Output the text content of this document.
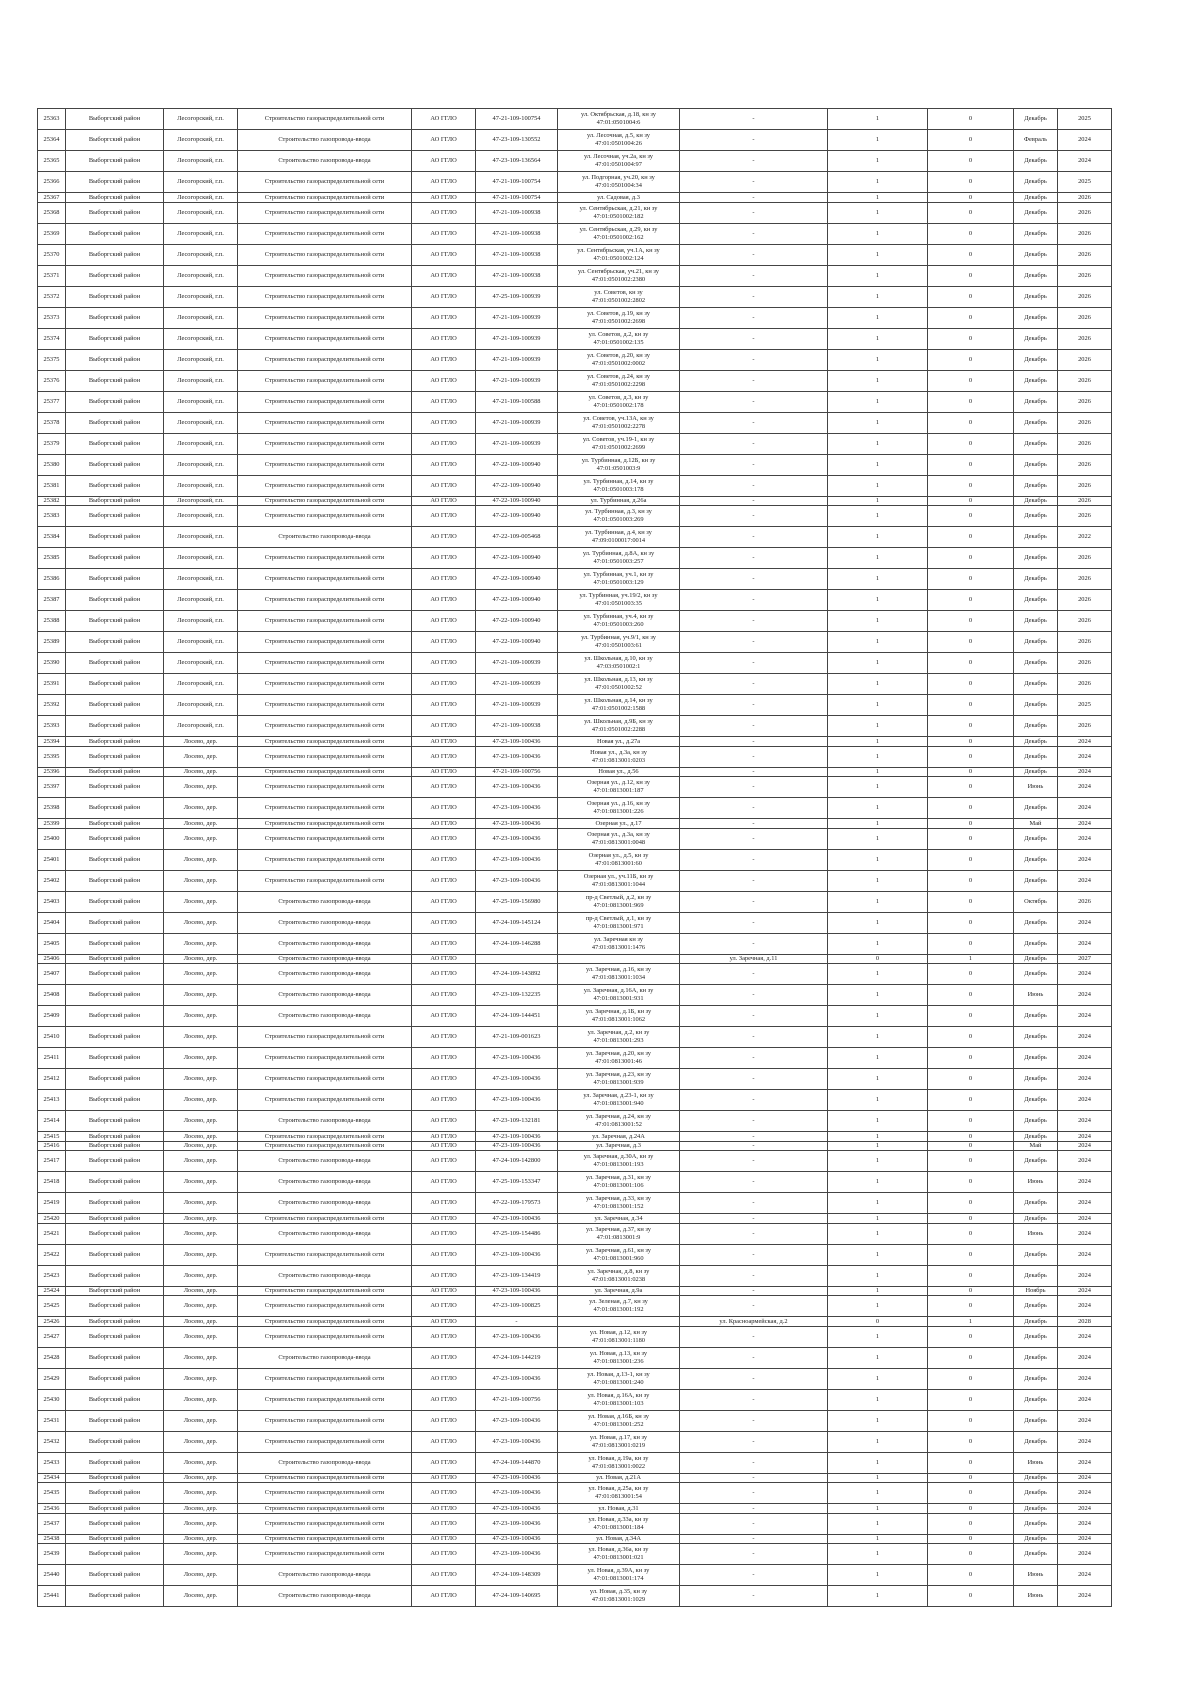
25363	Выборгский район	Лесогорский, г.п.	Строительство газораспределительной сети	АО ГГЛО	47-21-109-100754	ул. Октябрьская, д.18, кн зу
47:01:0501004:6	-	1	0	Декабрь	2025
25364	Выборгский район	Лесогорский, г.п.	Строительство газопровода-ввода	АО ГГЛО	47-23-109-130552	ул. Лесочная, д.5, кн зу
47:01:0501004:26	-	1	0	Февраль	2024
25365	Выборгский район	Лесогорский, г.п.	Строительство газопровода-ввода	АО ГГЛО	47-23-109-136564	ул. Лесочная, уч.2а, кн зу
47:01:0501004:97	-	1	0	Декабрь	2024
25366	Выборгский район	Лесогорский, г.п.	Строительство газораспределительной сети	АО ГГЛО	47-21-109-100754	ул. Подгорная, уч.20, кн зу
47:01:0501004:34	-	1	0	Декабрь	2025
25367	Выборгский район	Лесогорский, г.п.	Строительство газораспределительной сети	АО ГГЛО	47-21-109-100754	ул. Садовая, д.3	-	1	0	Декабрь	2026
25368	Выборгский район	Лесогорский, г.п.	Строительство газораспределительной сети	АО ГГЛО	47-21-109-100938	ул. Сентябрьская, д.21, кн зу
47:01:0501002:182	-	1	0	Декабрь	2026
25369	Выборгский район	Лесогорский, г.п.	Строительство газораспределительной сети	АО ГГЛО	47-21-109-100938	ул. Сентябрьская, д.29, кн зу
47:01:0501002:162	-	1	0	Декабрь	2026
25370	Выборгский район	Лесогорский, г.п.	Строительство газораспределительной сети	АО ГГЛО	47-21-109-100938	ул. Сентябрьская, уч.1А, кн зу
47:01:0501002:124	-	1	0	Декабрь	2026
25371	Выборгский район	Лесогорский, г.п.	Строительство газораспределительной сети	АО ГГЛО	47-21-109-100938	ул. Сентябрьская, уч.21, кн зу
47:01:0501002:2380	-	1	0	Декабрь	2026
25372	Выборгский район	Лесогорский, г.п.	Строительство газораспределительной сети	АО ГГЛО	47-25-109-100939	ул. Советов, кн зу
47:01:0501002:2802	-	1	0	Декабрь	2026
25373	Выборгский район	Лесогорский, г.п.	Строительство газораспределительной сети	АО ГГЛО	47-21-109-100939	ул. Советов, д.19, кн зу
47:01:0501002:2698	-	1	0	Декабрь	2026
25374	Выборгский район	Лесогорский, г.п.	Строительство газораспределительной сети	АО ГГЛО	47-21-109-100939	ул. Советов, д.2, кн зу
47:01:0501002:135	-	1	0	Декабрь	2026
25375	Выборгский район	Лесогорский, г.п.	Строительство газораспределительной сети	АО ГГЛО	47-21-109-100939	ул. Советов, д.20, кн зу
47:01:0501002:0002	-	1	0	Декабрь	2026
25376	Выборгский район	Лесогорский, г.п.	Строительство газораспределительной сети	АО ГГЛО	47-21-109-100939	ул. Советов, д.24, кн зу
47:01:0501002:2298	-	1	0	Декабрь	2026
25377	Выборгский район	Лесогорский, г.п.	Строительство газораспределительной сети	АО ГГЛО	47-21-109-100588	ул. Советов, д.3, кн зу
47:01:0501002:178	-	1	0	Декабрь	2026
25378	Выборгский район	Лесогорский, г.п.	Строительство газораспределительной сети	АО ГГЛО	47-21-109-100939	ул. Советов, уч.13А, кн зу
47:01:0501002:2278	-	1	0	Декабрь	2026
25379	Выборгский район	Лесогорский, г.п.	Строительство газораспределительной сети	АО ГГЛО	47-21-109-100939	ул. Советов, уч.19-1, кн зу
47:01:0501002:2699	-	1	0	Декабрь	2026
25380	Выборгский район	Лесогорский, г.п.	Строительство газораспределительной сети	АО ГГЛО	47-22-109-100940	ул. Турбинная, д.12Б, кн зу
47:01:0501003:9	-	1	0	Декабрь	2026
25381	Выборгский район	Лесогорский, г.п.	Строительство газораспределительной сети	АО ГГЛО	47-22-109-100940	ул. Турбинная, д.14, кн зу
47:01:0501003:178	-	1	0	Декабрь	2026
25382	Выборгский район	Лесогорский, г.п.	Строительство газораспределительной сети	АО ГГЛО	47-22-109-100940	ул. Турбинная, д.26а	-	1	0	Декабрь	2026
25383	Выборгский район	Лесогорский, г.п.	Строительство газораспределительной сети	АО ГГЛО	47-22-109-100940	ул. Турбинная, д.3, кн зу
47:01:0501003:269	-	1	0	Декабрь	2026
25384	Выборгский район	Лесогорский, г.п.	Строительство газопровода-ввода	АО ГГЛО	47-22-109-005468	ул. Турбинная, д.4, кн зу
47:09:0100017:0014	-	1	0	Декабрь	2022
25385	Выборгский район	Лесогорский, г.п.	Строительство газораспределительной сети	АО ГГЛО	47-22-109-100940	ул. Турбинная, д.8А, кн зу
47:01:0501003:257	-	1	0	Декабрь	2026
25386	Выборгский район	Лесогорский, г.п.	Строительство газораспределительной сети	АО ГГЛО	47-22-109-100940	ул. Турбинная, уч.1, кн зу
47:01:0501003:129	-	1	0	Декабрь	2026
25387	Выборгский район	Лесогорский, г.п.	Строительство газораспределительной сети	АО ГГЛО	47-22-109-100940	ул. Турбинная, уч.19/2, кн зу
47:01:0501003:35	-	1	0	Декабрь	2026
25388	Выборгский район	Лесогорский, г.п.	Строительство газораспределительной сети	АО ГГЛО	47-22-109-100940	ул. Турбинная, уч.4, кн зу
47:01:0501003:260	-	1	0	Декабрь	2026
25389	Выборгский район	Лесогорский, г.п.	Строительство газораспределительной сети	АО ГГЛО	47-22-109-100940	ул. Турбинная, уч.9/1, кн зу
47:01:0501003:61	-	1	0	Декабрь	2026
25390	Выборгский район	Лесогорский, г.п.	Строительство газораспределительной сети	АО ГГЛО	47-21-109-100939	ул. Школьная, д.10, кн зу
47:03:0501002:1	-	1	0	Декабрь	2026
25391	Выборгский район	Лесогорский, г.п.	Строительство газораспределительной сети	АО ГГЛО	47-21-109-100939	ул. Школьная, д.13, кн зу
47:01:0501002:52	-	1	0	Декабрь	2026
25392	Выборгский район	Лесогорский, г.п.	Строительство газораспределительной сети	АО ГГЛО	47-21-109-100939	ул. Школьная, д.14, кн зу
47:01:0501002:1588	-	1	0	Декабрь	2025
25393	Выборгский район	Лесогорский, г.п.	Строительство газораспределительной сети	АО ГГЛО	47-21-109-100938	ул. Школьная, д.9Б, кн зу
47:01:0501002:2288	-	1	0	Декабрь	2026
25394	Выборгский район	Лосево, дер.	Строительство газораспределительной сети	АО ГГЛО	47-23-109-100436	Новая ул., д.27а	-	1	0	Декабрь	2024
25395	Выборгский район	Лосево, дер.	Строительство газораспределительной сети	АО ГГЛО	47-23-109-100436	Новая ул., д.3а, кн зу
47:01:0813001:0203	-	1	0	Декабрь	2024
25396	Выборгский район	Лосево, дер.	Строительство газораспределительной сети	АО ГГЛО	47-21-109-100756	Новая ул., д.56	-	1	0	Декабрь	2024
25397	Выборгский район	Лосево, дер.	Строительство газораспределительной сети	АО ГГЛО	47-23-109-100436	Озерная ул., д.12, кн зу
47:01:0813001:187	-	1	0	Июнь	2024
25398	Выборгский район	Лосево, дер.	Строительство газораспределительной сети	АО ГГЛО	47-23-109-100436	Озерная ул., д.16, кн зу
47:01:0813001:226	-	1	0	Декабрь	2024
25399	Выборгский район	Лосево, дер.	Строительство газораспределительной сети	АО ГГЛО	47-23-109-100436	Озерная ул., д.17	-	1	0	Май	2024
25400	Выборгский район	Лосево, дер.	Строительство газораспределительной сети	АО ГГЛО	47-23-109-100436	Озерная ул., д.3а, кн зу
47:01:0813001:0048	-	1	0	Декабрь	2024
25401	Выборгский район	Лосево, дер.	Строительство газораспределительной сети	АО ГГЛО	47-23-109-100436	Озерная ул., д.5, кн зу
47:01:0813001:60	-	1	0	Декабрь	2024
25402	Выборгский район	Лосево, дер.	Строительство газораспределительной сети	АО ГГЛО	47-23-109-100436	Озерная ул., уч.11Б, кн зу
47:01:0813001:1044	-	1	0	Декабрь	2024
25403	Выборгский район	Лосево, дер.	Строительство газопровода-ввода	АО ГГЛО	47-25-109-156980	пр-д Светлый, д.2, кн зу
47:01:0813001:969	-	1	0	Октябрь	2026
25404	Выборгский район	Лосево, дер.	Строительство газопровода-ввода	АО ГГЛО	47-24-109-145124	пр-д Светлый, д.1, кн зу
47:01:0813001:971	-	1	0	Декабрь	2024
25405	Выборгский район	Лосево, дер.	Строительство газопровода-ввода	АО ГГЛО	47-24-109-146288	ул. Заречная кн зу
47:01:0813001:1476	-	1	0	Декабрь	2024
25406	Выборгский район	Лосево, дер.	Строительство газопровода-ввода	АО ГГЛО			ул. Заречная, д.11	0	1	Декабрь	2027
25407	Выборгский район	Лосево, дер.	Строительство газопровода-ввода	АО ГГЛО	47-24-109-143892	ул. Заречная, д.16, кн зу
47:01:0813001:1034	-	1	0	Декабрь	2024
25408	Выборгский район	Лосево, дер.	Строительство газопровода-ввода	АО ГГЛО	47-23-109-132235	ул. Заречная, д.16А, кн зу
47:01:0813001:931	-	1	0	Июнь	2024
25409	Выборгский район	Лосево, дер.	Строительство газопровода-ввода	АО ГГЛО	47-24-109-144451	ул. Заречная, д.1Б, кн зу
47:01:0813001:1062	-	1	0	Декабрь	2024
25410	Выборгский район	Лосево, дер.	Строительство газораспределительной сети	АО ГГЛО	47-21-109-001623	ул. Заречная, д.2, кн зу
47:01:0813001:293	-	1	0	Декабрь	2024
25411	Выборгский район	Лосево, дер.	Строительство газораспределительной сети	АО ГГЛО	47-23-109-100436	ул. Заречная, д.20, кн зу
47:01:0813001:46	-	1	0	Декабрь	2024
25412	Выборгский район	Лосево, дер.	Строительство газораспределительной сети	АО ГГЛО	47-23-109-100436	ул. Заречная, д.23, кн зу
47:01:0813001:939	-	1	0	Декабрь	2024
25413	Выборгский район	Лосево, дер.	Строительство газораспределительной сети	АО ГГЛО	47-23-109-100436	ул. Заречная, д.23-1, кн зу
47:01:0813001:940	-	1	0	Декабрь	2024
25414	Выборгский район	Лосево, дер.	Строительство газопровода-ввода	АО ГГЛО	47-23-109-132181	ул. Заречная, д.24, кн зу
47:01:0813001:52	-	1	0	Декабрь	2024
25415	Выборгский район	Лосево, дер.	Строительство газораспределительной сети	АО ГГЛО	47-23-109-100436	ул. Заречная, д.24А	-	1	0	Декабрь	2024
25416	Выборгский район	Лосево, дер.	Строительство газораспределительной сети	АО ГГЛО	47-23-109-100436	ул. Заречная, д.3	-	1	0	Май	2024
25417	Выборгский район	Лосево, дер.	Строительство газопровода-ввода	АО ГГЛО	47-24-109-142800	ул. Заречная, д.30А, кн зу
47:01:0813001:193	-	1	0	Декабрь	2024
25418	Выборгский район	Лосево, дер.	Строительство газопровода-ввода	АО ГГЛО	47-25-109-153347	ул. Заречная, д.31, кн зу
47:01:0813001:106	-	1	0	Июнь	2024
25419	Выборгский район	Лосево, дер.	Строительство газопровода-ввода	АО ГГЛО	47-22-109-179573	ул. Заречная, д.33, кн зу
47:01:0813001:152	-	1	0	Декабрь	2024
25420	Выборгский район	Лосево, дер.	Строительство газораспределительной сети	АО ГГЛО	47-23-109-100436	ул. Заречная, д.34	-	1	0	Декабрь	2024
25421	Выборгский район	Лосево, дер.	Строительство газопровода-ввода	АО ГГЛО	47-25-109-154486	ул. Заречная, д.37, кн зу
47:01:0813001:9	-	1	0	Июнь	2024
25422	Выборгский район	Лосево, дер.	Строительство газораспределительной сети	АО ГГЛО	47-23-109-100436	ул. Заречная, д.61, кн зу
47:01:0813001:960	-	1	0	Декабрь	2024
25423	Выборгский район	Лосево, дер.	Строительство газопровода-ввода	АО ГГЛО	47-23-109-134419	ул. Заречная, д.8, кн зу
47:01:0813001:0238	-	1	0	Декабрь	2024
25424	Выборгский район	Лосево, дер.	Строительство газораспределительной сети	АО ГГЛО	47-23-109-100436	ул. Заречная, д.9а	-	1	0	Ноябрь	2024
25425	Выборгский район	Лосево, дер.	Строительство газораспределительной сети	АО ГГЛО	47-23-109-100825	ул. Зеленая, д.7, кн зу
47:01:0813001:192	-	1	0	Декабрь	2024
25426	Выборгский район	Лосево, дер.	Строительство газораспределительной сети	АО ГГЛО	-		ул. Красноармейская, д.2	0	1	Декабрь	2028
25427	Выборгский район	Лосево, дер.	Строительство газораспределительной сети	АО ГГЛО	47-23-109-100436	ул. Новая, д.12, кн зу
47:01:0813001:1180	-	1	0	Декабрь	2024
25428	Выборгский район	Лосево, дер.	Строительство газопровода-ввода	АО ГГЛО	47-24-109-144219	ул. Новая, д.13, кн зу
47:01:0813001:236	-	1	0	Декабрь	2024
25429	Выборгский район	Лосево, дер.	Строительство газораспределительной сети	АО ГГЛО	47-23-109-100436	ул. Новая, д.13-1, кн зу
47:01:0813001:240	-	1	0	Декабрь	2024
25430	Выборгский район	Лосево, дер.	Строительство газораспределительной сети	АО ГГЛО	47-21-109-100756	ул. Новая, д.16А, кн зу
47:01:0813001:103	-	1	0	Декабрь	2024
25431	Выборгский район	Лосево, дер.	Строительство газораспределительной сети	АО ГГЛО	47-23-109-100436	ул. Новая, д.16Б, кн зу
47:01:0813001:252	-	1	0	Декабрь	2024
25432	Выборгский район	Лосево, дер.	Строительство газораспределительной сети	АО ГГЛО	47-23-109-100436	ул. Новая, д.17, кн зу
47:01:0813001:0219	-	1	0	Декабрь	2024
25433	Выборгский район	Лосево, дер.	Строительство газопровода-ввода	АО ГГЛО	47-24-109-144870	ул. Новая, д.19а, кн зу
47:01:0813001:0022	-	1	0	Июнь	2024
25434	Выборгский район	Лосево, дер.	Строительство газораспределительной сети	АО ГГЛО	47-23-109-100436	ул. Новая, д.21А	-	1	0	Декабрь	2024
25435	Выборгский район	Лосево, дер.	Строительство газораспределительной сети	АО ГГЛО	47-23-109-100436	ул. Новая, д.25а, кн зу
47:01:0813001:54	-	1	0	Декабрь	2024
25436	Выборгский район	Лосево, дер.	Строительство газораспределительной сети	АО ГГЛО	47-23-109-100436	ул. Новая, д.31	-	1	0	Декабрь	2024
25437	Выборгский район	Лосево, дер.	Строительство газораспределительной сети	АО ГГЛО	47-23-109-100436	ул. Новая, д.33а, кн зу
47:01:0813001:184	-	1	0	Декабрь	2024
25438	Выборгский район	Лосево, дер.	Строительство газораспределительной сети	АО ГГЛО	47-23-109-100436	ул. Новая, д.34А	-	1	0	Декабрь	2024
25439	Выборгский район	Лосево, дер.	Строительство газораспределительной сети	АО ГГЛО	47-23-109-100436	ул. Новая, д.36а, кн зу
47:01:0813001:021	-	1	0	Декабрь	2024
25440	Выборгский район	Лосево, дер.	Строительство газопровода-ввода	АО ГГЛО	47-24-109-148309	ул. Новая, д.39А, кн зу
47:01:0813001:174	-	1	0	Июнь	2024
25441	Выборгский район	Лосево, дер.	Строительство газопровода-ввода	АО ГГЛО	47-24-109-140695	ул. Новая, д.35, кн зу
47:01:0813001:1029	-	1	0	Июнь	2024
